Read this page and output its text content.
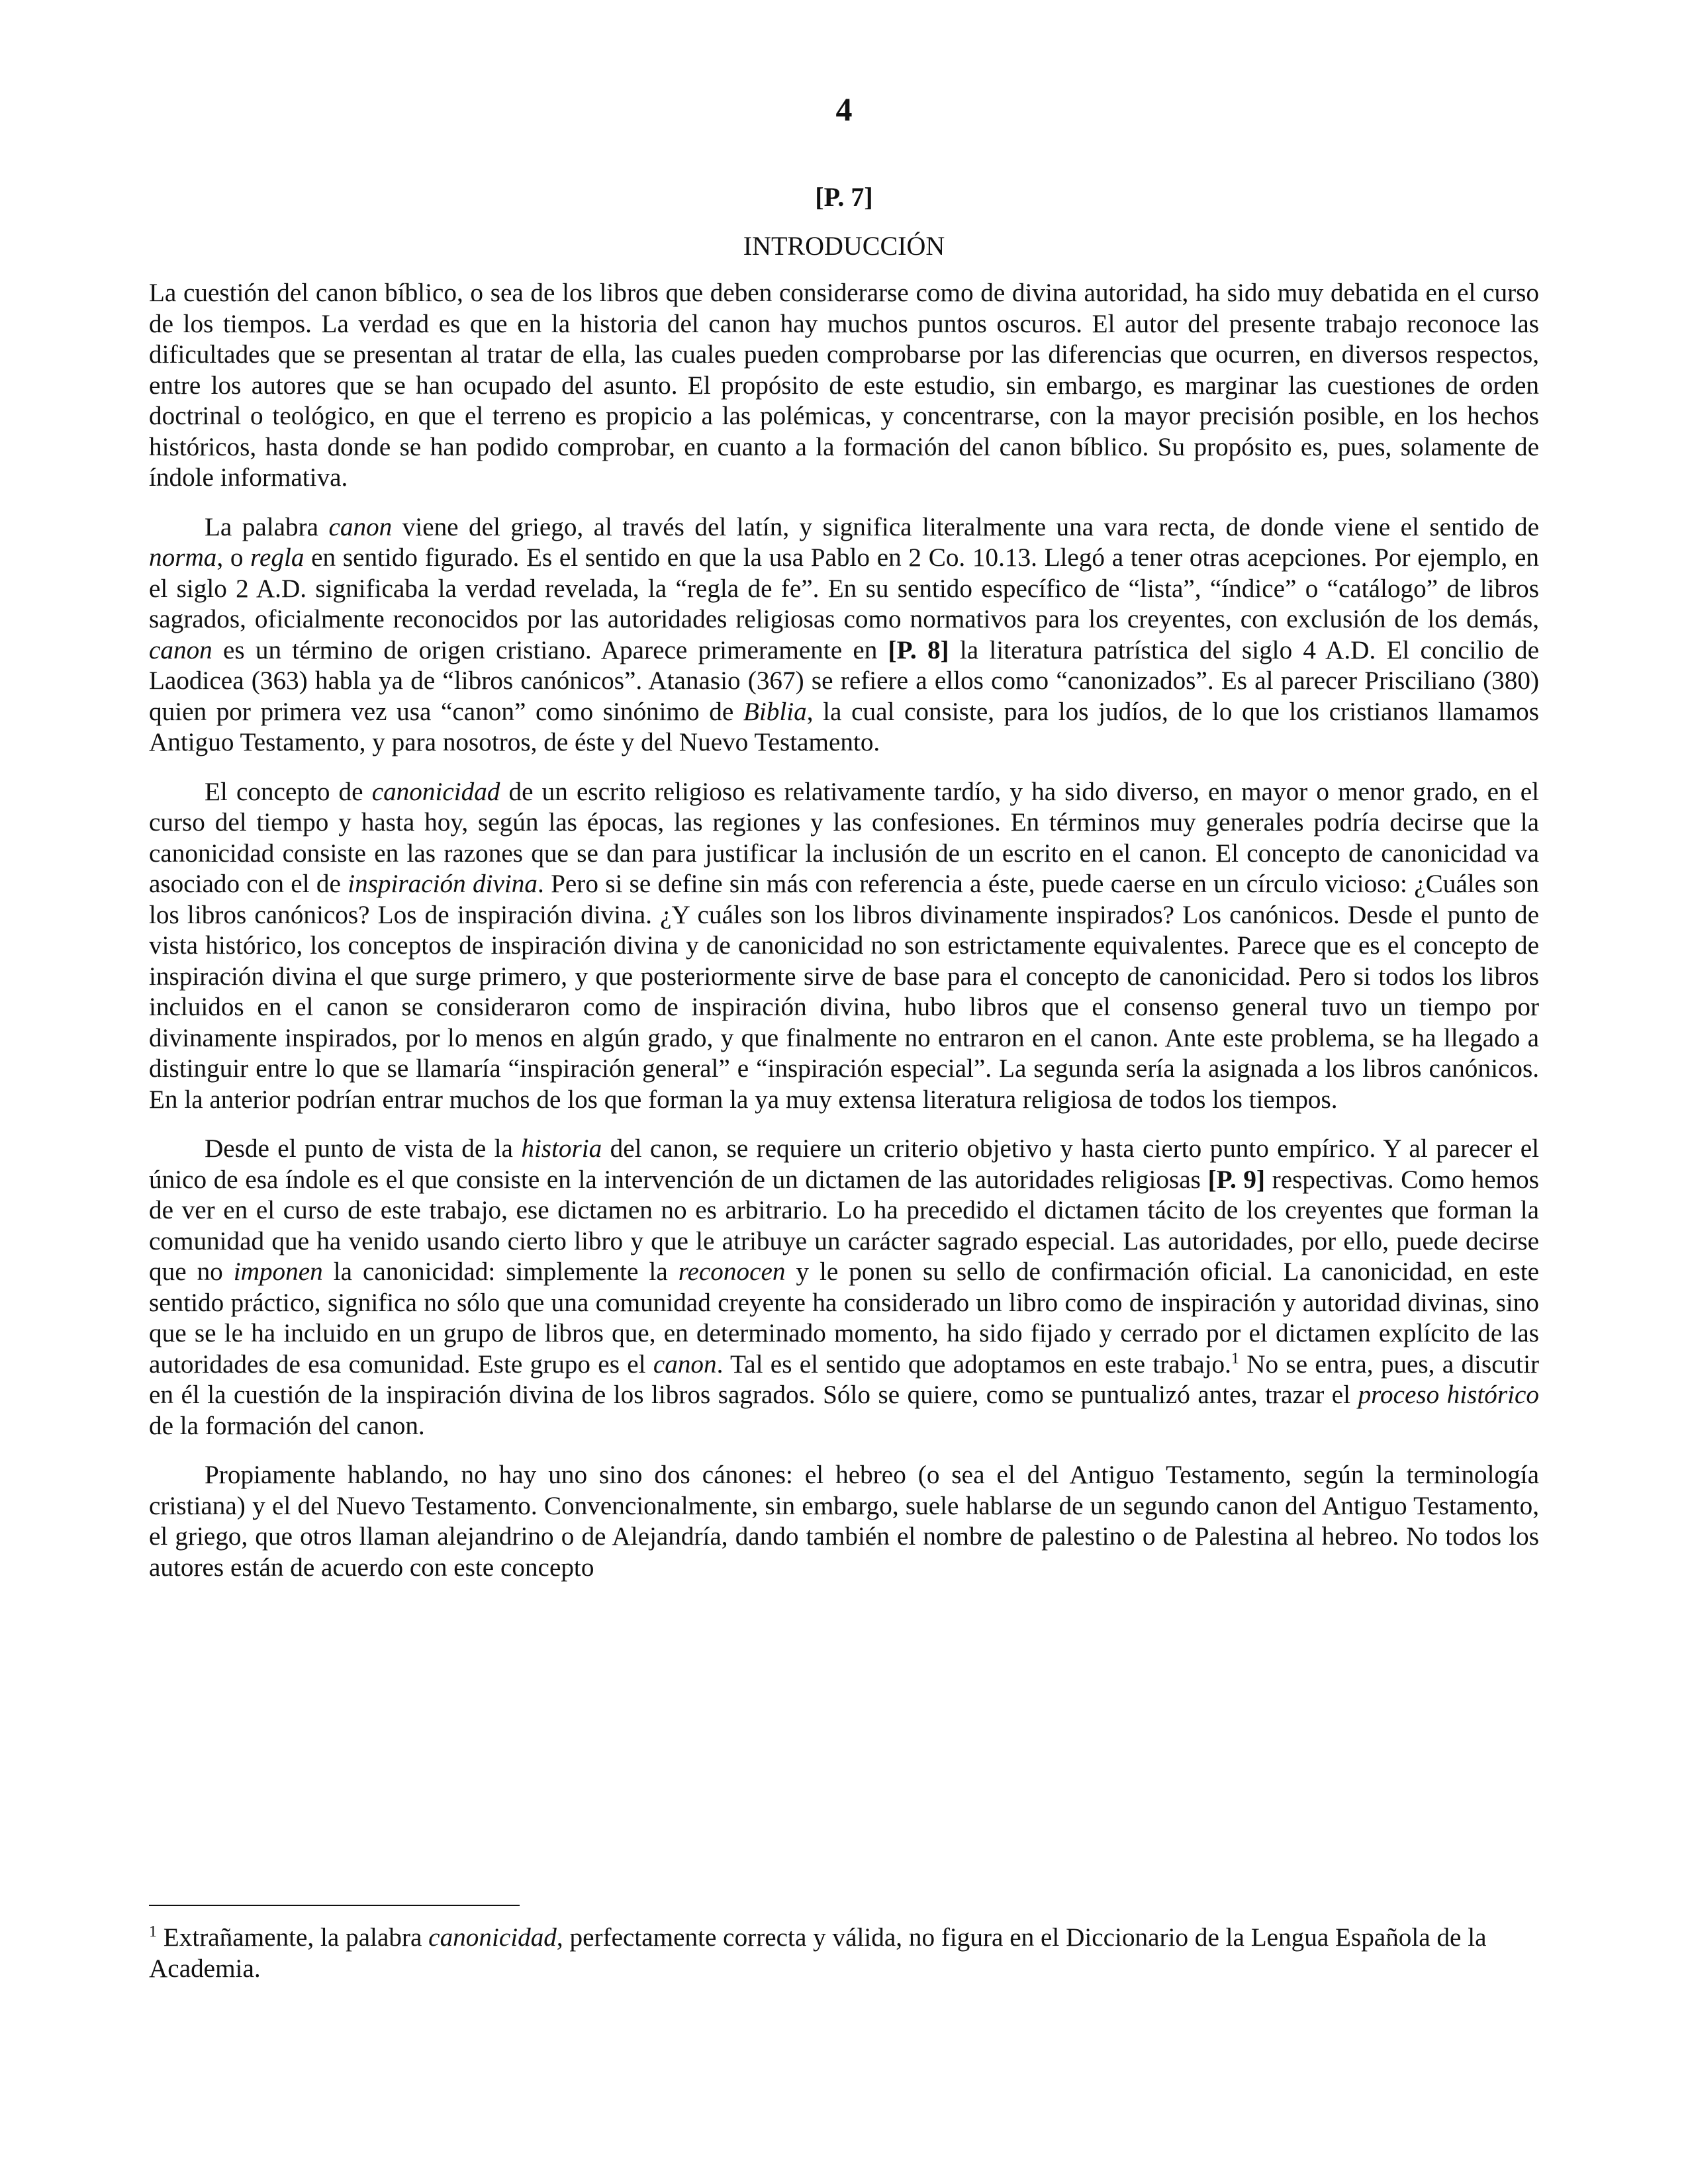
4
[P. 7]
INTRODUCCIÓN

La cuestión del canon bíblico, o sea de los libros que deben considerarse como de divina autoridad, ha sido muy debatida en el curso de los tiempos. La verdad es que en la historia del canon hay muchos puntos oscuros. El autor del presente trabajo reconoce las dificultades que se presentan al tratar de ella, las cuales pueden comprobarse por las diferencias que ocurren, en diversos respectos, entre los autores que se han ocupado del asunto. El propósito de este estudio, sin embargo, es marginar las cuestiones de orden doctrinal o teológico, en que el terreno es propicio a las polémicas, y concentrarse, con la mayor precisión posible, en los hechos históricos, hasta donde se han podido comprobar, en cuanto a la formación del canon bíblico. Su propósito es, pues, solamente de índole informativa.

La palabra canon viene del griego, al través del latín, y significa literalmente una vara recta, de donde viene el sentido de norma, o regla en sentido figurado. Es el sentido en que la usa Pablo en 2 Co. 10.13. Llegó a tener otras acepciones. Por ejemplo, en el siglo 2 A.D. significaba la verdad revelada, la “regla de fe”. En su sentido específico de “lista”, “índice” o “catálogo” de libros sagrados, oficialmente reconocidos por las autoridades religiosas como normativos para los creyentes, con exclusión de los demás, canon es un término de origen cristiano. Aparece primeramente en [P. 8] la literatura patrística del siglo 4 A.D. El concilio de Laodicea (363) habla ya de “libros canónicos”. Atanasio (367) se refiere a ellos como “canonizados”. Es al parecer Prisciliano (380) quien por primera vez usa “canon” como sinónimo de Biblia, la cual consiste, para los judíos, de lo que los cristianos llamamos Antiguo Testamento, y para nosotros, de éste y del Nuevo Testamento.

El concepto de canonicidad de un escrito religioso es relativamente tardío, y ha sido diverso, en mayor o menor grado, en el curso del tiempo y hasta hoy, según las épocas, las regiones y las confesiones. En términos muy generales podría decirse que la canonicidad consiste en las razones que se dan para justificar la inclusión de un escrito en el canon. El concepto de canonicidad va asociado con el de inspiración divina. Pero si se define sin más con referencia a éste, puede caerse en un círculo vicioso: ¿Cuáles son los libros canónicos? Los de inspiración divina. ¿Y cuáles son los libros divinamente inspirados? Los canónicos. Desde el punto de vista histórico, los conceptos de inspiración divina y de canonicidad no son estrictamente equivalentes. Parece que es el concepto de inspiración divina el que surge primero, y que posteriormente sirve de base para el concepto de canonicidad. Pero si todos los libros incluidos en el canon se consideraron como de inspiración divina, hubo libros que el consenso general tuvo un tiempo por divinamente inspirados, por lo menos en algún grado, y que finalmente no entraron en el canon. Ante este problema, se ha llegado a distinguir entre lo que se llamaría “inspiración general” e “inspiración especial”. La segunda sería la asignada a los libros canónicos. En la anterior podrían entrar muchos de los que forman la ya muy extensa literatura religiosa de todos los tiempos.

Desde el punto de vista de la historia del canon, se requiere un criterio objetivo y hasta cierto punto empírico. Y al parecer el único de esa índole es el que consiste en la intervención de un dictamen de las autoridades religiosas [P. 9] respectivas. Como hemos de ver en el curso de este trabajo, ese dictamen no es arbitrario. Lo ha precedido el dictamen tácito de los creyentes que forman la comunidad que ha venido usando cierto libro y que le atribuye un carácter sagrado especial. Las autoridades, por ello, puede decirse que no imponen la canonicidad: simplemente la reconocen y le ponen su sello de confirmación oficial. La canonicidad, en este sentido práctico, significa no sólo que una comunidad creyente ha considerado un libro como de inspiración y autoridad divinas, sino que se le ha incluido en un grupo de libros que, en determinado momento, ha sido fijado y cerrado por el dictamen explícito de las autoridades de esa comunidad. Este grupo es el canon. Tal es el sentido que adoptamos en este trabajo.$^1$ No se entra, pues, a discutir en él la cuestión de la inspiración divina de los libros sagrados. Sólo se quiere, como se puntualizó antes, trazar el proceso histórico de la formación del canon.

Propiamente hablando, no hay uno sino dos cánones: el hebreo (o sea el del Antiguo Testamento, según la terminología cristiana) y el del Nuevo Testamento. Convencionalmente, sin embargo, suele hablarse de un segundo canon del Antiguo Testamento, el griego, que otros llaman alejandrino o de Alejandría, dando también el nombre de palestino o de Palestina al hebreo. No todos los autores están de acuerdo con este concepto

$^1$ Extrañamente, la palabra canonicidad, perfectamente correcta y válida, no figura en el Diccionario de la Lengua Española de la Academia.
